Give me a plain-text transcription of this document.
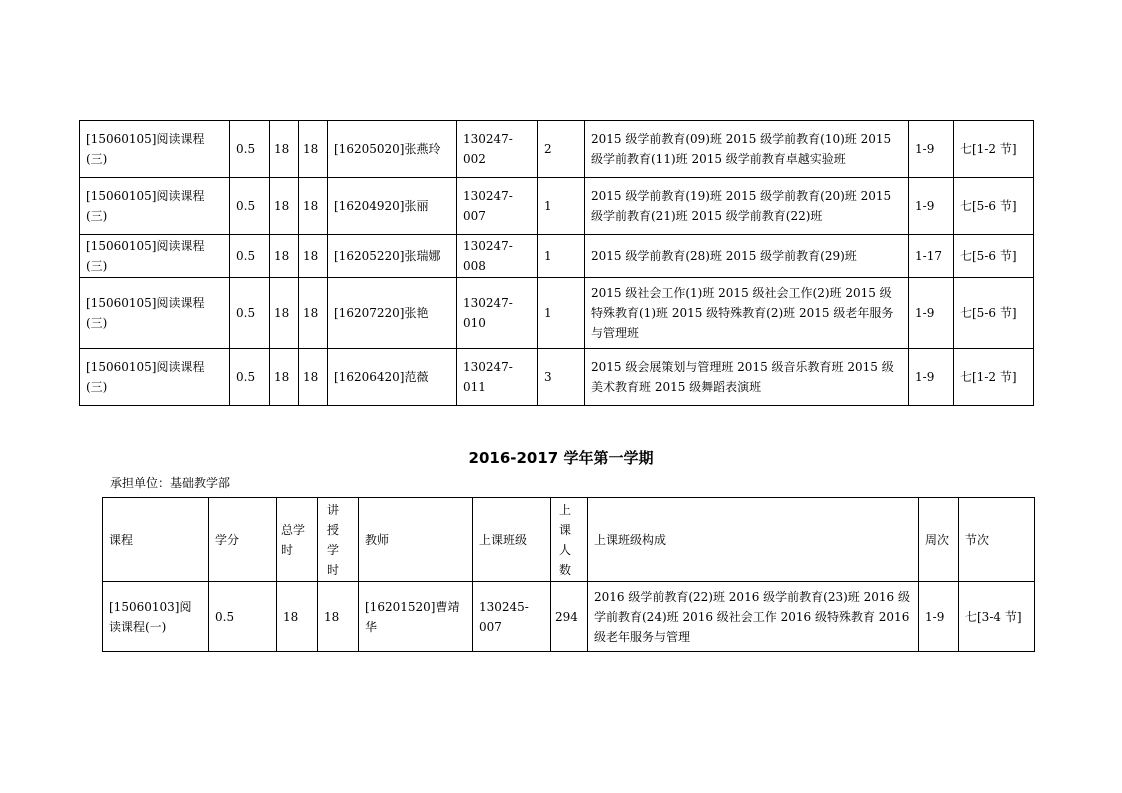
[15060105]阅读课程(三)	0.5	18	18	[16205020]张燕玲	130247-002	2	2015 级学前教育(09)班 2015 级学前教育(10)班 2015 级学前教育(11)班 2015 级学前教育卓越实验班	1-9	七[1-2 节]
[15060105]阅读课程(三)	0.5	18	18	[16204920]张丽	130247-007	1	2015 级学前教育(19)班 2015 级学前教育(20)班 2015 级学前教育(21)班 2015 级学前教育(22)班	1-9	七[5-6 节]
[15060105]阅读课程(三)	0.5	18	18	[16205220]张瑞娜	130247-008	1	2015 级学前教育(28)班 2015 级学前教育(29)班	1-17	七[5-6 节]
[15060105]阅读课程(三)	0.5	18	18	[16207220]张艳	130247-010	1	2015 级社会工作(1)班 2015 级社会工作(2)班 2015 级特殊教育(1)班 2015 级特殊教育(2)班 2015 级老年服务与管理班	1-9	七[5-6 节]
[15060105]阅读课程(三)	0.5	18	18	[16206420]范薇	130247-011	3	2015 级会展策划与管理班 2015 级音乐教育班 2015 级美术教育班 2015 级舞蹈表演班	1-9	七[1-2 节]
2016-2017 学年第一学期
承担单位：基础教学部
课程	学分	总学时	讲授学时	教师	上课班级	上课人数	上课班级构成	周次	节次
[15060103]阅读课程(一)	0.5	18	18	[16201520]曹靖华	130245-007	294	2016 级学前教育(22)班 2016 级学前教育(23)班 2016 级学前教育(24)班 2016 级社会工作 2016 级特殊教育 2016 级老年服务与管理	1-9	七[3-4 节]
